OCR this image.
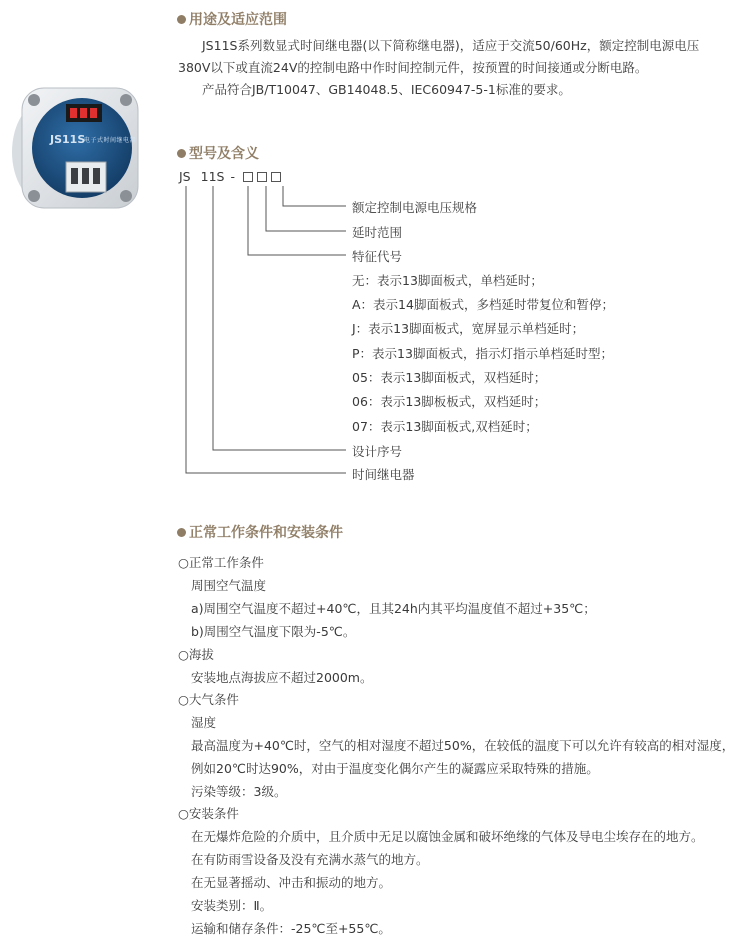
JS11S
电子式时间继电器
用途及适应范围
JS11S系列数显式时间继电器(以下简称继电器)，适应于交流50/60Hz，额定控制电源电压
380V以下或直流24V的控制电路中作时间控制元件，按预置的时间接通或分断电路。
产品符合JB/T10047、GB14048.5、IEC60947-5-1标准的要求。
型号及含义
JS 11S -
额定控制电源电压规格
延时范围
特征代号
无：表示13脚面板式，单档延时；
A：表示14脚面板式，多档延时带复位和暂停；
J：表示13脚面板式，宽屏显示单档延时；
P：表示13脚面板式，指示灯指示单档延时型；
05：表示13脚面板式，双档延时；
06：表示13脚板板式，双档延时；
07：表示13脚面板式,双档延时；
设计序号
时间继电器
正常工作条件和安装条件
○正常工作条件
周围空气温度
a)周围空气温度不超过+40℃，且其24h内其平均温度值不超过+35℃；
b)周围空气温度下限为-5℃。
○海拔
安装地点海拔应不超过2000m。
○大气条件
湿度
最高温度为+40℃时，空气的相对湿度不超过50%，在较低的温度下可以允许有较高的相对湿度，
例如20℃时达90%，对由于温度变化偶尔产生的凝露应采取特殊的措施。
污染等级：3级。
○安装条件
在无爆炸危险的介质中，且介质中无足以腐蚀金属和破坏绝缘的气体及导电尘埃存在的地方。
在有防雨雪设备及没有充满水蒸气的地方。
在无显著摇动、冲击和振动的地方。
安装类别：Ⅱ。
运输和储存条件：-25℃至+55℃。
